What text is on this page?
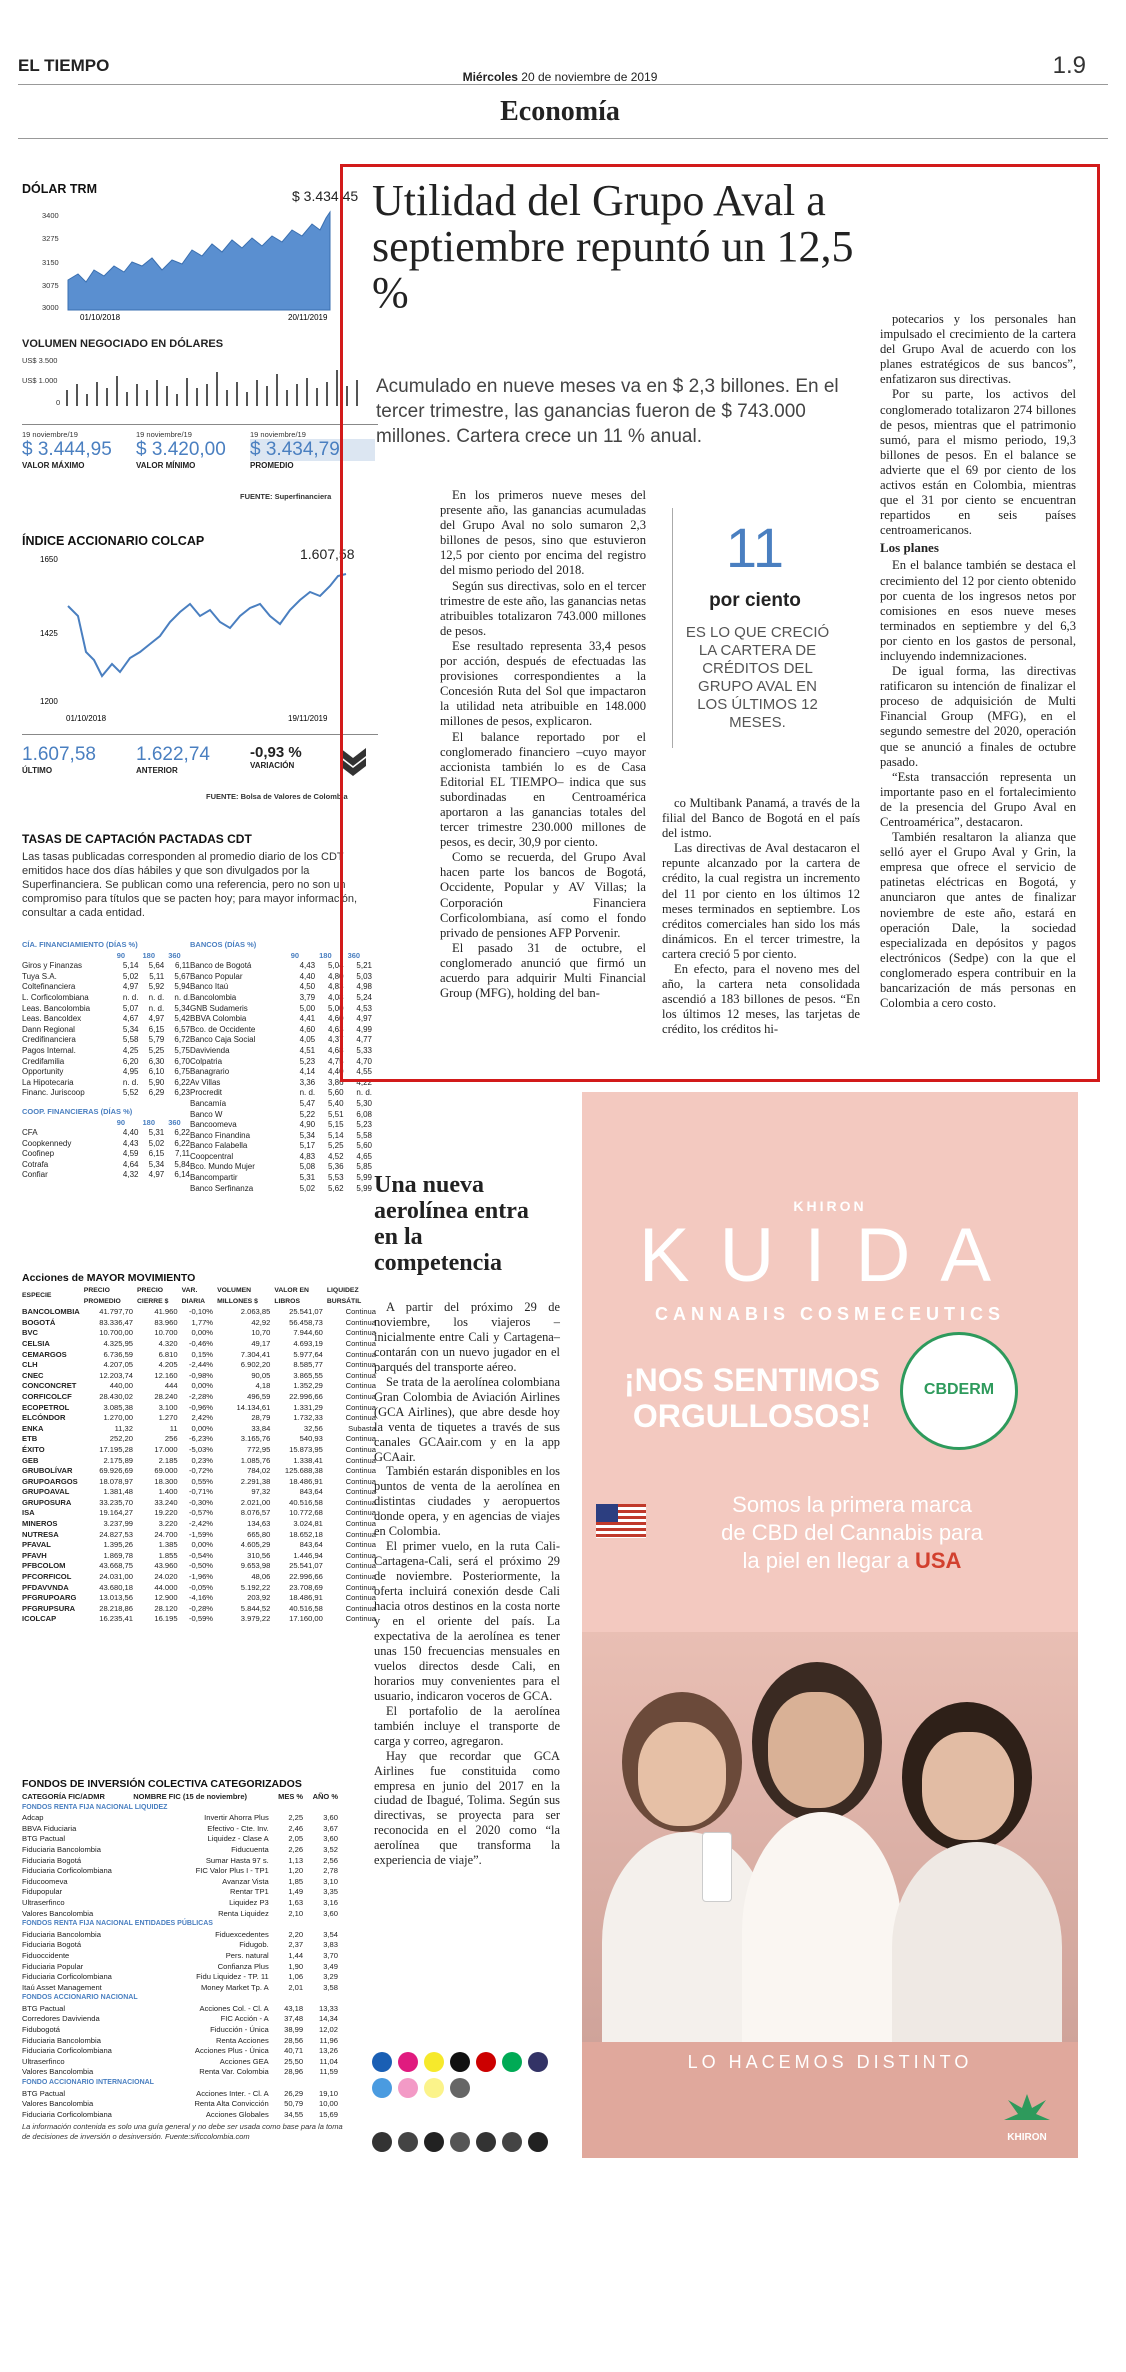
EL TIEMPO
Miércoles 20 de noviembre de 2019	1.9
Economía
DÓLAR TRM	$ 3.434,45
3400
3275
3150
3075
3000
01/10/2018	20/11/2019
VOLUMEN NEGOCIADO EN DÓLARES
US$ 3.500
US$ 1.000
0
19 noviembre/19
$ 3.444,95
VALOR MÁXIMO
19 noviembre/19
$ 3.420,00
VALOR MÍNIMO
19 noviembre/19
$ 3.434,79
PROMEDIO
FUENTE: Superfinanciera
ÍNDICE ACCIONARIO COLCAP
1.607,58
1650
1425
1200
01/10/2018	19/11/2019
1.607,58
ÚLTIMO
1.622,74
ANTERIOR
-0,93 %
VARIACIÓN
FUENTE: Bolsa de Valores de Colombia
TASAS DE CAPTACIÓN PACTADAS CDT
Las tasas publicadas corresponden al promedio diario de los CDT emitidos hace dos días hábiles y que son divulgados por la Superfinanciera. Se publican como una referencia, pero no son un compromiso para títulos que se pacten hoy; para mayor información, consultar a cada entidad.
CÍA. FINANCIAMIENTO (DÍAS %)			
	90	180	360
Giros y Finanzas	5,14	5,64	6,11
Tuya S.A.	5,02	5,11	5,67
Coltefinanciera	4,97	5,92	5,94
L. Corficolombiana	n. d.	n. d.	n. d.
Leas. Bancolombia	5,07	n. d.	5,34
Leas. Bancoldex	4,67	4,97	5,42
Dann Regional	5,34	6,15	6,57
Credifinanciera	5,58	5,79	6,72
Pagos Internal.	4,25	5,25	5,75
Credifamilia	6,20	6,30	6,70
Opportunity	4,95	6,10	6,75
La Hipotecaria	n. d.	5,90	6,22
Financ. Juriscoop	5,52	6,29	6,23
COOP. FINANCIERAS (DÍAS %)			
	90	180	360
CFA	4,40	5,31	6,22
Coopkennedy	4,43	5,02	6,22
Coofinep	4,59	6,15	7,11
Cotrafa	4,64	5,34	5,84
Confiar	4,32	4,97	6,14
BANCOS (DÍAS %)			
	90	180	360
Banco de Bogotá	4,43	5,04	5,21
Banco Popular	4,40	4,80	5,03
Banco Itaú	4,50	4,83	4,98
Bancolombia	3,79	4,08	5,24
GNB Sudameris	5,00	5,00	4,53
BBVA Colombia	4,41	4,60	4,97
Bco. de Occidente	4,60	4,63	4,99
Banco Caja Social	4,05	4,37	4,77
Davivienda	4,51	4,68	5,33
Colpatria	5,23	4,75	4,70
Banagrario	4,14	4,40	4,55
Av Villas	3,36	3,86	4,22
Procredit	n. d.	5,60	n. d.
Bancamía	5,47	5,40	5,30
Banco W	5,22	5,51	6,08
Bancoomeva	4,90	5,15	5,23
Banco Finandina	5,34	5,14	5,58
Banco Falabella	5,17	5,25	5,60
Coopcentral	4,83	4,52	4,65
Bco. Mundo Mujer	5,08	5,36	5,85
Bancompartir	5,31	5,53	5,99
Banco Serfinanza	5,02	5,62	5,99
Acciones de MAYOR MOVIMIENTO
ESPECIE	PRECIO PROMEDIO	PRECIO CIERRE $	VAR. DIARIA	VOLUMEN MILLONES $	VALOR EN LIBROS	LIQUIDEZ BURSÁTIL
BANCOLOMBIA	41.797,70	41.960	-0,10%	2.063,85	25.541,07	Continua
BOGOTÁ	83.336,47	83.960	1,77%	42,92	56.458,73	Continua
BVC	10.700,00	10.700	0,00%	10,70	7.944,60	Continua
CELSIA	4.325,95	4.320	-0,46%	49,17	4.693,19	Continua
CEMARGOS	6.736,59	6.810	0,15%	7.304,41	5.977,64	Continua
CLH	4.207,05	4.205	-2,44%	6.902,20	8.585,77	Continua
CNEC	12.203,74	12.160	-0,98%	90,05	3.865,55	Continua
CONCONCRET	440,00	444	0,00%	4,18	1.352,29	Continua
CORFICOLCF	28.430,02	28.240	-2,28%	496,59	22.996,66	Continua
ECOPETROL	3.085,38	3.100	-0,96%	14.134,61	1.331,29	Continua
ELCÓNDOR	1.270,00	1.270	2,42%	28,79	1.732,33	Continua
ENKA	11,32	11	0,00%	33,84	32,56	Subasta
ETB	252,20	256	-6,23%	3.165,76	540,93	Continua
ÉXITO	17.195,28	17.000	-5,03%	772,95	15.873,95	Continua
GEB	2.175,89	2.185	0,23%	1.085,76	1.338,41	Continua
GRUBOLÍVAR	69.926,69	69.000	-0,72%	784,02	125.688,38	Continua
GRUPOARGOS	18.078,97	18.300	0,55%	2.291,38	18.486,91	Continua
GRUPOAVAL	1.381,48	1.400	-0,71%	97,32	843,64	Continua
GRUPOSURA	33.235,70	33.240	-0,30%	2.021,00	40.516,58	Continua
ISA	19.164,27	19.220	-0,57%	8.076,57	10.772,68	Continua
MINEROS	3.237,99	3.220	-2,42%	134,63	3.024,81	Continua
NUTRESA	24.827,53	24.700	-1,59%	665,80	18.652,18	Continua
PFAVAL	1.395,26	1.385	0,00%	4.605,29	843,64	Continua
PFAVH	1.869,78	1.855	-0,54%	310,56	1.446,94	Continua
PFBCOLOM	43.668,75	43.960	-0,50%	9.653,98	25.541,07	Continua
PFCORFICOL	24.031,00	24.020	-1,96%	48,06	22.996,66	Continua
PFDAVVNDA	43.680,18	44.000	-0,05%	5.192,22	23.708,69	Continua
PFGRUPOARG	13.013,56	12.900	-4,16%	203,92	18.486,91	Continua
PFGRUPSURA	28.218,86	28.120	-0,28%	5.844,52	40.516,58	Continua
ICOLCAP	16.235,41	16.195	-0,59%	3.979,22	17.160,00	Continua
FONDOS DE INVERSIÓN COLECTIVA CATEGORIZADOS
CATEGORÍA FIC/ADMR	NOMBRE FIC (15 de noviembre)	MES %	AÑO %
FONDOS RENTA FIJA NACIONAL LIQUIDEZ			
Adcap	Invertir Ahorra Plus	2,25	3,60
BBVA Fiduciaria	Efectivo - Cte. Inv.	2,46	3,67
BTG Pactual	Liquidez - Clase A	2,05	3,60
Fiduciaria Bancolombia	Fiducuenta	2,26	3,52
Fiduciaria Bogotá	Sumar Hasta 97 s.	1,13	2,56
Fiduciaria Corficolombiana	FIC Valor Plus I - TP1	1,20	2,78
Fiducoomeva	Avanzar Vista	1,85	3,10
Fidupopular	Rentar TP1	1,49	3,35
Ultraserfinco	Liquidez P3	1,63	3,16
Valores Bancolombia	Renta Liquidez	2,10	3,60
FONDOS RENTA FIJA NACIONAL ENTIDADES PÚBLICAS			
Fiduciaria Bancolombia	Fiduexcedentes	2,20	3,54
Fiduciaria Bogotá	Fidugob.	2,37	3,83
Fiduoccidente	Pers. natural	1,44	3,70
Fiduciaria Popular	Confianza Plus	1,90	3,49
Fiduciaria Corficolombiana	Fidu Liquidez - TP. 11	1,06	3,29
Itaú Asset Management	Money Market Tp. A	2,01	3,58
FONDOS ACCIONARIO NACIONAL			
BTG Pactual	Acciones Col. - Cl. A	43,18	13,33
Corredores Davivienda	FIC Acción - A	37,48	14,34
Fidubogotá	Fiducción - Única	38,99	12,02
Fiduciaria Bancolombia	Renta Acciones	28,56	11,96
Fiduciaria Corficolombiana	Acciones Plus - Única	40,71	13,26
Ultraserfinco	Acciones GEA	25,50	11,04
Valores Bancolombia	Renta Var. Colombia	28,96	11,59
FONDO ACCIONARIO INTERNACIONAL			
BTG Pactual	Acciones Inter. - Cl. A	26,29	19,10
Valores Bancolombia	Renta Alta Convicción	50,79	10,00
Fiduciaria Corficolombiana	Acciones Globales	34,55	15,69
La información contenida es solo una guía general y no debe ser usada como base para la toma de decisiones de inversión o desinversión. Fuente:sificcolombia.com
Utilidad del Grupo Aval a septiembre repuntó un 12,5 %
Acumulado en nueve meses va en $ 2,3 billones. En el tercer trimestre, las ganancias fueron de $ 743.000 millones. Cartera crece un 11 % anual.

En los primeros nueve meses del presente año, las ganancias acumuladas del Grupo Aval no solo sumaron 2,3 billones de pesos, sino que estuvieron 12,5 por ciento por encima del registro del mismo periodo del 2018.

Según sus directivas, solo en el tercer trimestre de este año, las ganancias netas atribuibles totalizaron 743.000 millones de pesos.

Ese resultado representa 33,4 pesos por acción, después de efectuadas las provisiones correspondientes a la Concesión Ruta del Sol que impactaron la utilidad neta atribuible en 148.000 millones de pesos, explicaron.

El balance reportado por el conglomerado financiero –cuyo mayor accionista también lo es de Casa Editorial EL TIEMPO– indica que sus subordinadas en Centroamérica aportaron a las ganancias totales del tercer trimestre 230.000 millones de pesos, es decir, 30,9 por ciento.

Como se recuerda, del Grupo Aval hacen parte los bancos de Bogotá, Occidente, Popular y AV Villas; la Corporación Financiera Corficolombiana, así como el fondo privado de pensiones AFP Porvenir.

El pasado 31 de octubre, el conglomerado anunció que firmó un acuerdo para adquirir Multi Financial Group (MFG), holding del ban-

11
por ciento
ES LO QUE CRECIÓ LA CARTERA DE CRÉDITOS DEL GRUPO AVAL EN LOS ÚLTIMOS 12 MESES.

co Multibank Panamá, a través de la filial del Banco de Bogotá en el país del istmo.

Las directivas de Aval destacaron el repunte alcanzado por la cartera de crédito, la cual registra un incremento del 11 por ciento en los últimos 12 meses terminados en septiembre. Los créditos comerciales han sido los más dinámicos. En el tercer trimestre, la cartera creció 5 por ciento.

En efecto, para el noveno mes del año, la cartera neta consolidada ascendió a 183 billones de pesos. “En los últimos 12 meses, las tarjetas de crédito, los créditos hi-

potecarios y los personales han impulsado el crecimiento de la cartera del Grupo Aval de acuerdo con los planes estratégicos de sus bancos”, enfatizaron sus directivas.

Por su parte, los activos del conglomerado totalizaron 274 billones de pesos, mientras que el patrimonio sumó, para el mismo periodo, 19,3 billones de pesos. En el balance se advierte que el 69 por ciento de los activos están en Colombia, mientras que el 31 por ciento se encuentran repartidos en seis países centroamericanos.

Los planes

En el balance también se destaca el crecimiento del 12 por ciento obtenido por cuenta de los ingresos netos por comisiones en esos nueve meses terminados en septiembre y del 6,3 por ciento en los gastos de personal, incluyendo indemnizaciones.

De igual forma, las directivas ratificaron su intención de finalizar el proceso de adquisición de Multi Financial Group (MFG), en el segundo semestre del 2020, operación que se anunció a finales de octubre pasado.

“Esta transacción representa un importante paso en el fortalecimiento de la presencia del Grupo Aval en Centroamérica”, destacaron.

También resaltaron la alianza que selló ayer el Grupo Aval y Grin, la empresa que ofrece el servicio de patinetas eléctricas en Bogotá, y anunciaron que antes de finalizar noviembre de este año, estará en operación Dale, la sociedad especializada en depósitos y pagos electrónicos (Sedpe) con la que el conglomerado espera contribuir en la bancarización de más personas en Colombia a cero costo.

Una nueva aerolínea entra en la competencia

A partir del próximo 29 de noviembre, los viajeros –inicialmente entre Cali y Cartagena– contarán con un nuevo jugador en el parqués del transporte aéreo.

Se trata de la aerolínea colombiana Gran Colombia de Aviación Airlines (GCA Airlines), que abre desde hoy la venta de tiquetes a través de sus canales GCAair.com y en la app GCAair.

También estarán disponibles en los puntos de venta de la aerolínea en distintas ciudades y aeropuertos donde opera, y en agencias de viajes en Colombia.

El primer vuelo, en la ruta Cali-Cartagena-Cali, será el próximo 29 de noviembre. Posteriormente, la oferta incluirá conexión desde Cali hacia otros destinos en la costa norte y en el oriente del país. La expectativa de la aerolínea es tener unas 150 frecuencias mensuales en vuelos directos desde Cali, en horarios muy convenientes para el usuario, indicaron voceros de GCA.

El portafolio de la aerolínea también incluye el transporte de carga y correo, agregaron.

Hay que recordar que GCA Airlines fue constituida como empresa en junio del 2017 en la ciudad de Ibagué, Tolima. Según sus directivas, se proyecta para ser reconocida en el 2020 como “la aerolínea que transforma la experiencia de viaje”.

KHIRON
KUIDA
CANNABIS COSMECEUTICS
CBDERM
¡NOS SENTIMOS
ORGULLOSOS!
Somos la primera marca
de CBD del Cannabis para
la piel en llegar a USA
LO HACEMOS DISTINTO
KHIRON
